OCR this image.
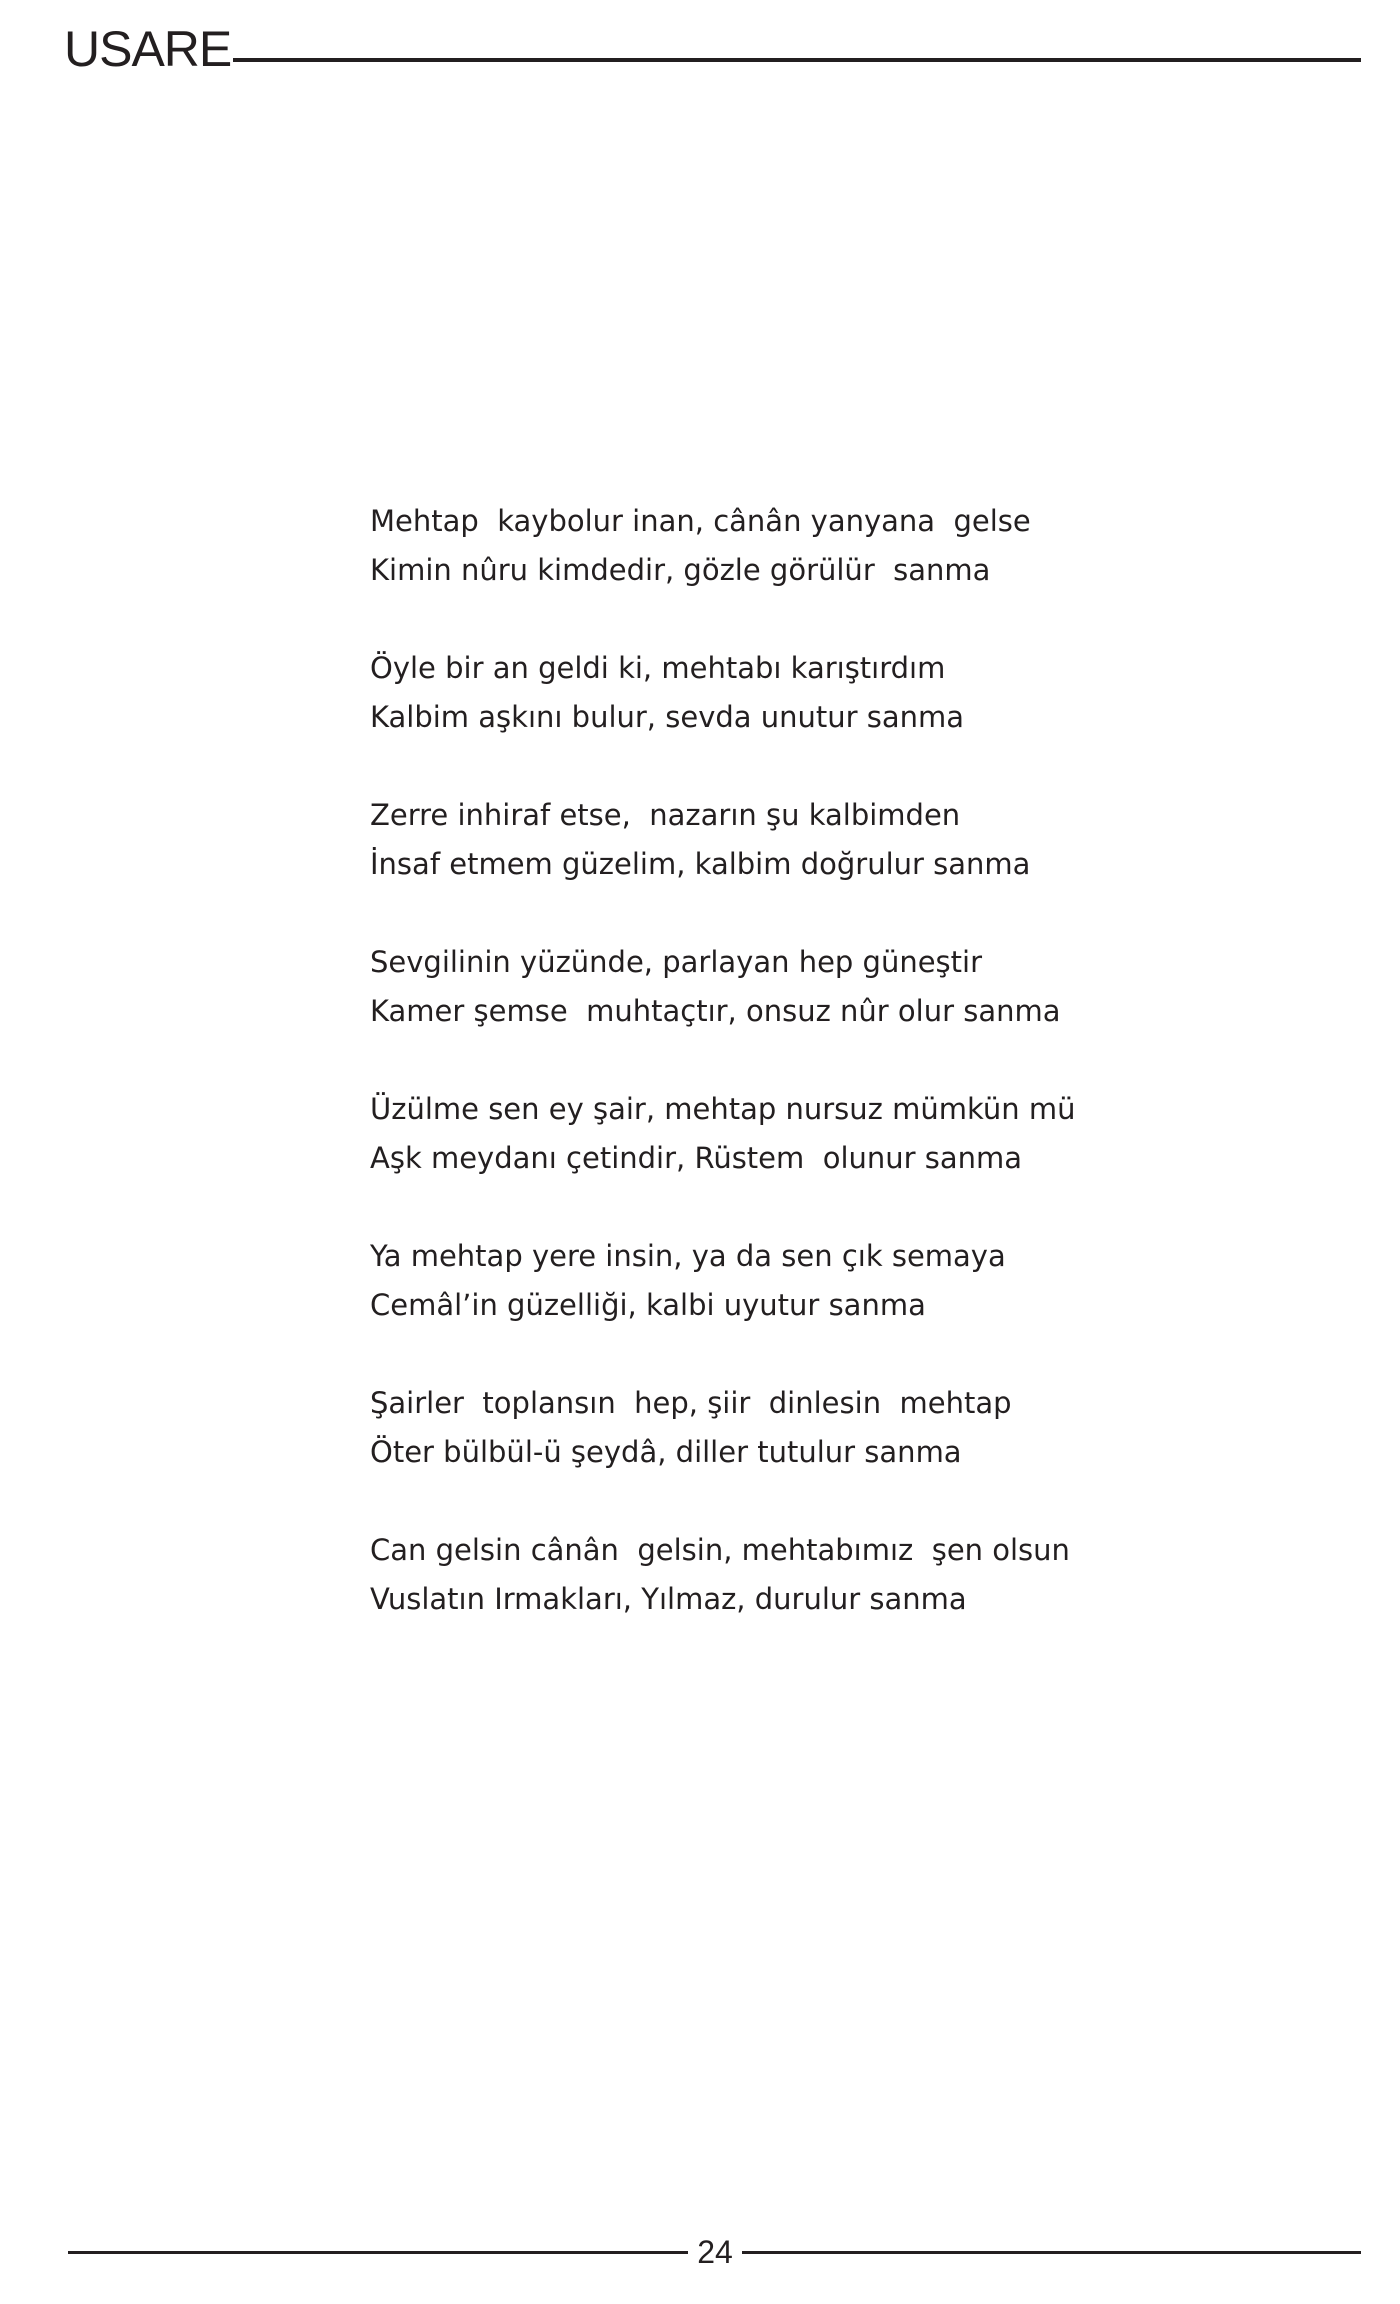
USARE
Mehtap  kaybolur inan, cânân yanyana  gelse
Kimin nûru kimdedir, gözle görülür  sanma
Öyle bir an geldi ki, mehtabı karıştırdım
Kalbim aşkını bulur, sevda unutur sanma
Zerre inhiraf etse,  nazarın şu kalbimden
İnsaf etmem güzelim, kalbim doğrulur sanma
Sevgilinin yüzünde, parlayan hep güneştir
Kamer şemse  muhtaçtır, onsuz nûr olur sanma
Üzülme sen ey şair, mehtap nursuz mümkün mü
Aşk meydanı çetindir, Rüstem  olunur sanma
Ya mehtap yere insin, ya da sen çık semaya
Cemâl’in güzelliği, kalbi uyutur sanma
Şairler  toplansın  hep, şiir  dinlesin  mehtap
Öter bülbül-ü şeydâ, diller tutulur sanma
Can gelsin cânân  gelsin, mehtabımız  şen olsun
Vuslatın Irmakları, Yılmaz, durulur sanma
24
